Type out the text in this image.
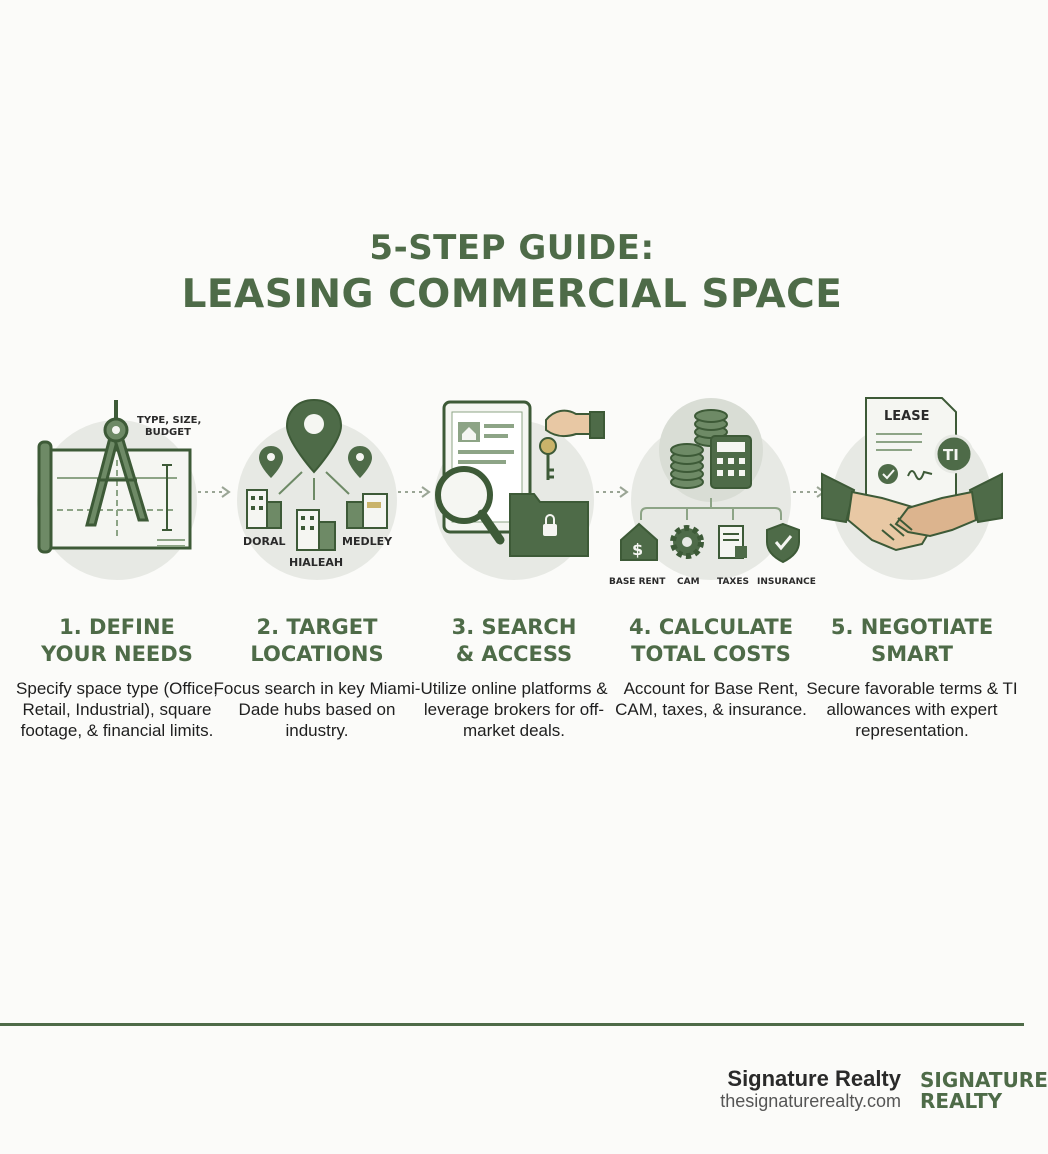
5-STEP GUIDE:
LEASING COMMERCIAL SPACE
TYPE, SIZE,
BUDGET
1. DEFINE
YOUR NEEDS
Specify space type (Office, Retail, Industrial), square footage, & financial limits.
DORAL
HIALEAH
MEDLEY
2. TARGET
LOCATIONS
Focus search in key Miami-Dade hubs based on industry.
3. SEARCH
& ACCESS
Utilize online platforms & leverage brokers for off-market deals.
$
BASE RENT CAM TAXES INSURANCE
4. CALCULATE
TOTAL COSTS
Account for Base Rent, CAM, taxes, & insurance.
LEASE
TI
5. NEGOTIATE
SMART
Secure favorable terms & TI allowances with expert representation.
Signature Realty
thesignaturerealty.com
SIGNATURE
REALTY
